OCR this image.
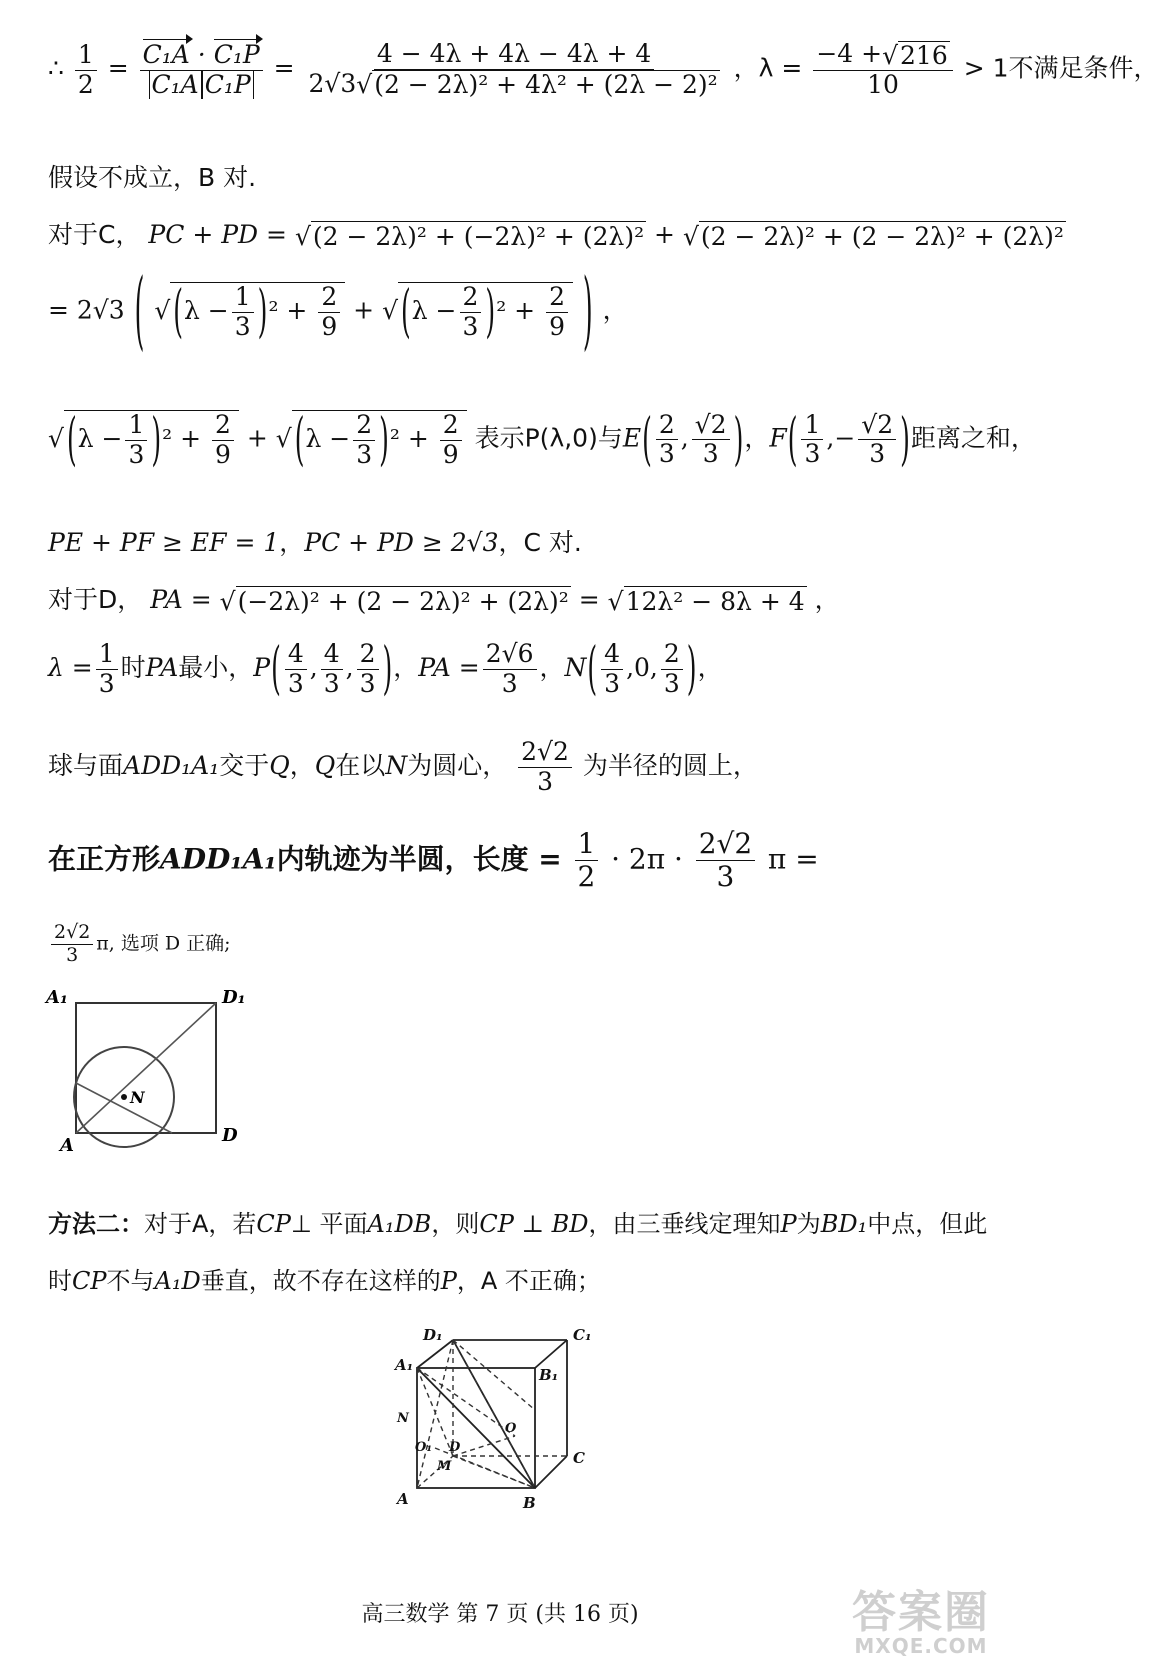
∴ $\frac{1}{2} = \frac{\text{C₁A · C₁P}}{\text{C₁A C₁P}} = \frac{4 - 4\lambda + 4\lambda - 4\lambda + 4}{\text{2√3√(2 − 2λ)² + 4λ² + (2λ − 2)²}}$ ，$\lambda = \frac{-4 +√216}{10} > 1$不满足条件，
假设不成立，B 对.
对于C， PC + PD = √(2 − 2λ)² + (−2λ)² + (2λ)² + √(2 − 2λ)² + (2 − 2λ)² + (2λ)²
= 2√3 ( √ $(\lambda - \frac{1}{3} )^2 + \frac{2}{9}$ + √ $(\lambda - \frac{2}{3} )^2 + \frac{2}{9}$ ) ，
√ $(\lambda - \frac{1}{3} )^2 + \frac{2}{9}$ + √ $(\lambda - \frac{2}{3} )^2 + \frac{2}{9}$ 表示P(λ,0)与$E( \frac{2}{3}$ , $\frac{√2}{3}$ )，$F( \frac{1}{3}$ ,− $\frac{√2}{3}$ )距离之和，
PE + PF ≥ EF = 1，PC + PD ≥ 2√3，C 对.
对于D， PA = √(−2λ)² + (2 − 2λ)² + (2λ)² = √12λ² − 8λ + 4 ，
$\lambda = \frac{1}{3}$ 时PA最小，$P( \frac{4}{3}$ , $\frac{4}{3}$ , $\frac{2}{3}$ )，PA = $\frac{2√6}{3}$ ，$N( \frac{4}{3} ,0$, $\frac{2}{3}$ )，
球与面ADD₁A₁交于Q，Q在以N为圆心， $\frac{2√2}{3}$ 为半径的圆上，
在正方形ADD₁A₁内轨迹为半圆，长度 = $\frac{1}{2} \cdot 2\pi \cdot \frac{2√2}{3}$ π =
$\frac{2√2}{3} \pi$, 选项 D 正确;
A₁	D₁
A	D
N
方法二：对于A，若CP⊥ 平面A₁DB，则CP ⊥ BD，由三垂线定理知P为BD₁中点，但此
时CP不与A₁D垂直，故不存在这样的P，A 不正确；
D₁	C₁
A₁
B₁
N
O₁ D
O
M	C
A	B
高三数学 第 7 页 (共 16 页)	答案圈
MXQE.COM
